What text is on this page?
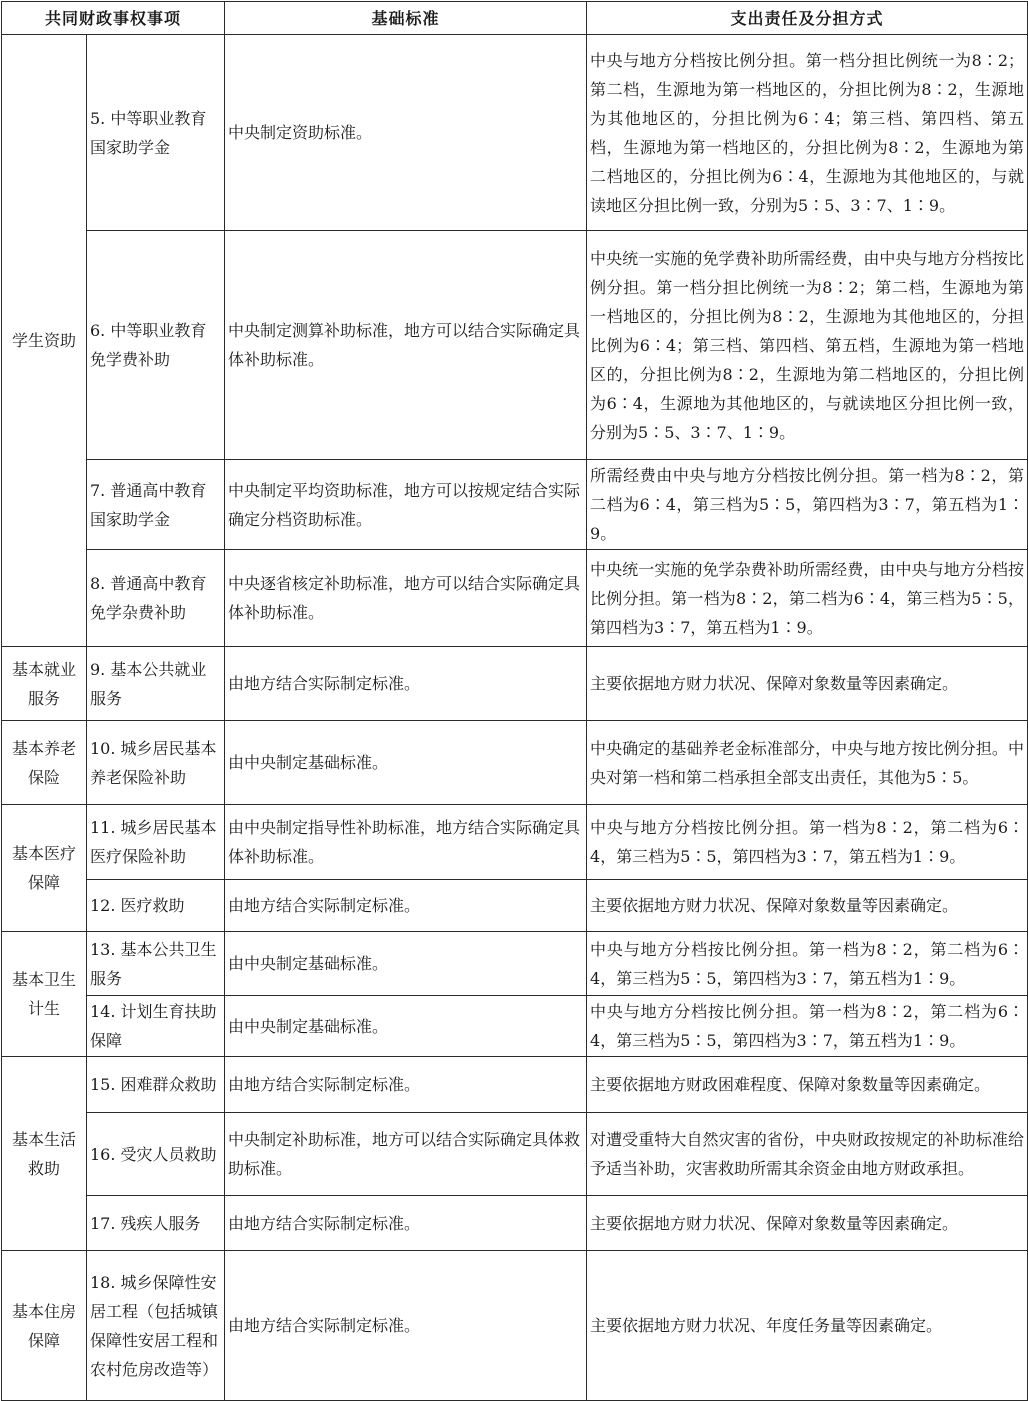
共同财政事权事项		基础标准	支出责任及分担方式
学生资助	5. 中等职业教育国家助学金	中央制定资助标准。	中央与地方分档按比例分担。第一档分担比例统一为8∶2；第二档，生源地为第一档地区的，分担比例为8∶2，生源地为其他地区的，分担比例为6∶4；第三档、第四档、第五档，生源地为第一档地区的，分担比例为8∶2，生源地为第二档地区的，分担比例为6∶4，生源地为其他地区的，与就读地区分担比例一致，分别为5∶5、3∶7、1∶9。
	6. 中等职业教育免学费补助	中央制定测算补助标准，地方可以结合实际确定具体补助标准。	中央统一实施的免学费补助所需经费，由中央与地方分档按比例分担。第一档分担比例统一为8∶2；第二档，生源地为第一档地区的，分担比例为8∶2，生源地为其他地区的，分担比例为6∶4；第三档、第四档、第五档，生源地为第一档地区的，分担比例为8∶2，生源地为第二档地区的，分担比例为6∶4，生源地为其他地区的，与就读地区分担比例一致，分别为5∶5、3∶7、1∶9。
	7. 普通高中教育国家助学金	中央制定平均资助标准，地方可以按规定结合实际确定分档资助标准。	所需经费由中央与地方分档按比例分担。第一档为8∶2，第二档为6∶4，第三档为5∶5，第四档为3∶7，第五档为1∶9。
	8. 普通高中教育免学杂费补助	中央逐省核定补助标准，地方可以结合实际确定具体补助标准。	中央统一实施的免学杂费补助所需经费，由中央与地方分档按比例分担。第一档为8∶2，第二档为6∶4，第三档为5∶5，第四档为3∶7，第五档为1∶9。
基本就业服务	9. 基本公共就业服务	由地方结合实际制定标准。	主要依据地方财力状况、保障对象数量等因素确定。
基本养老保险	10. 城乡居民基本养老保险补助	由中央制定基础标准。	中央确定的基础养老金标准部分，中央与地方按比例分担。中央对第一档和第二档承担全部支出责任，其他为5∶5。
基本医疗保障	11. 城乡居民基本医疗保险补助	由中央制定指导性补助标准，地方结合实际确定具体补助标准。	中央与地方分档按比例分担。第一档为8∶2，第二档为6∶4，第三档为5∶5，第四档为3∶7，第五档为1∶9。
	12. 医疗救助	由地方结合实际制定标准。	主要依据地方财力状况、保障对象数量等因素确定。
基本卫生计生	13. 基本公共卫生服务	由中央制定基础标准。	中央与地方分档按比例分担。第一档为8∶2，第二档为6∶4，第三档为5∶5，第四档为3∶7，第五档为1∶9。
	14. 计划生育扶助保障	由中央制定基础标准。	中央与地方分档按比例分担。第一档为8∶2，第二档为6∶4，第三档为5∶5，第四档为3∶7，第五档为1∶9。
基本生活救助	15. 困难群众救助	由地方结合实际制定标准。	主要依据地方财政困难程度、保障对象数量等因素确定。
	16. 受灾人员救助	中央制定补助标准，地方可以结合实际确定具体救助标准。	对遭受重特大自然灾害的省份，中央财政按规定的补助标准给予适当补助，灾害救助所需其余资金由地方财政承担。
	17. 残疾人服务	由地方结合实际制定标准。	主要依据地方财力状况、保障对象数量等因素确定。
基本住房保障	18. 城乡保障性安居工程（包括城镇保障性安居工程和农村危房改造等）	由地方结合实际制定标准。	主要依据地方财力状况、年度任务量等因素确定。
